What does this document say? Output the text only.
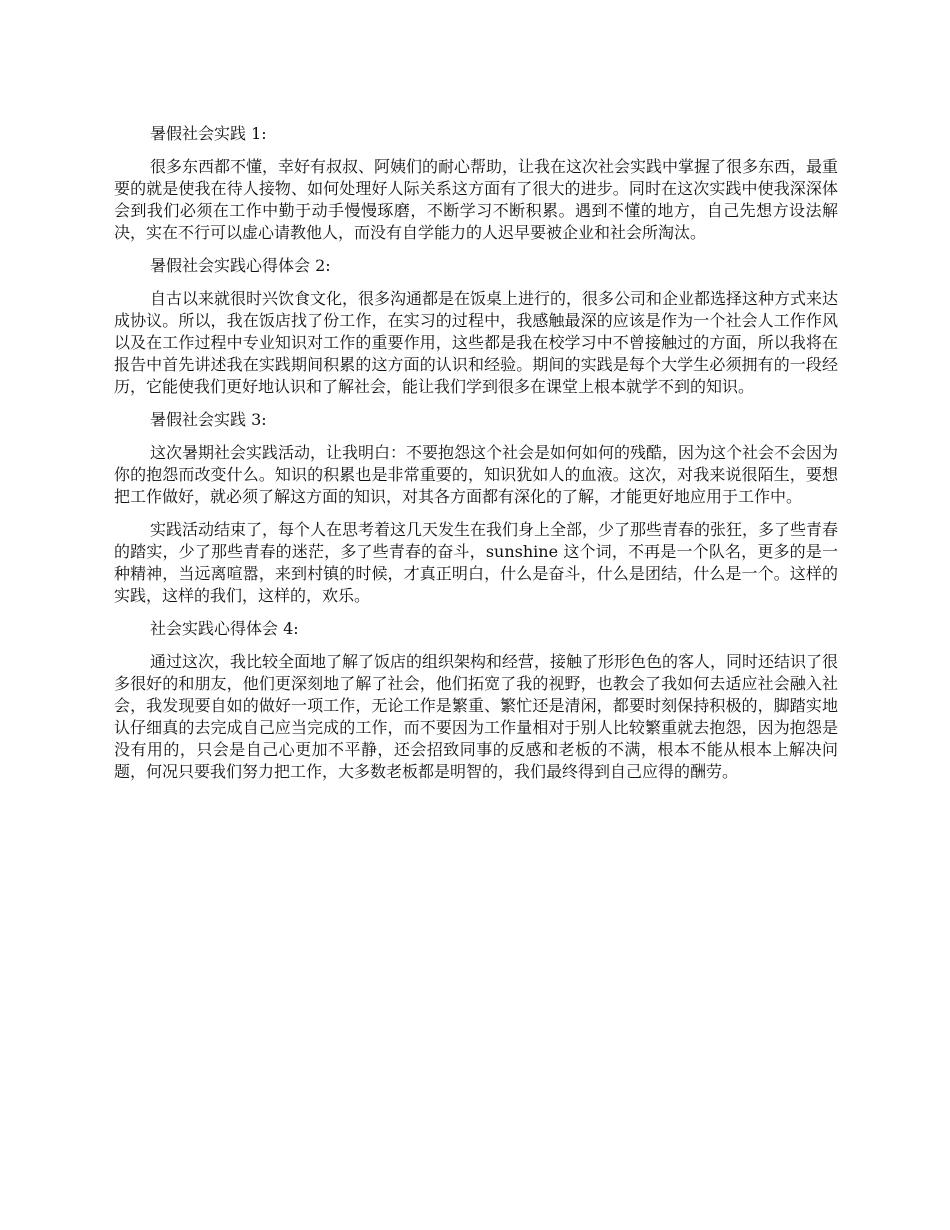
暑假社会实践 1:

很多东西都不懂，幸好有叔叔、阿姨们的耐心帮助，让我在这次社会实践中掌握了很多东西，最重要的就是使我在待人接物、如何处理好人际关系这方面有了很大的进步。同时在这次实践中使我深深体会到我们必须在工作中勤于动手慢慢琢磨，不断学习不断积累。遇到不懂的地方，自己先想方设法解决，实在不行可以虚心请教他人，而没有自学能力的人迟早要被企业和社会所淘汰。

暑假社会实践心得体会 2:

自古以来就很时兴饮食文化，很多沟通都是在饭桌上进行的，很多公司和企业都选择这种方式来达成协议。所以，我在饭店找了份工作，在实习的过程中，我感触最深的应该是作为一个社会人工作作风以及在工作过程中专业知识对工作的重要作用，这些都是我在校学习中不曾接触过的方面，所以我将在报告中首先讲述我在实践期间积累的这方面的认识和经验。期间的实践是每个大学生必须拥有的一段经历，它能使我们更好地认识和了解社会，能让我们学到很多在课堂上根本就学不到的知识。

暑假社会实践 3:

这次暑期社会实践活动，让我明白：不要抱怨这个社会是如何如何的残酷，因为这个社会不会因为你的抱怨而改变什么。知识的积累也是非常重要的，知识犹如人的血液。这次，对我来说很陌生，要想把工作做好，就必须了解这方面的知识，对其各方面都有深化的了解，才能更好地应用于工作中。

实践活动结束了，每个人在思考着这几天发生在我们身上全部，少了那些青春的张狂，多了些青春的踏实，少了那些青春的迷茫，多了些青春的奋斗，sunshine 这个词，不再是一个队名，更多的是一种精神，当远离喧嚣，来到村镇的时候，才真正明白，什么是奋斗，什么是团结，什么是一个。这样的实践，这样的我们，这样的，欢乐。

社会实践心得体会 4:

通过这次，我比较全面地了解了饭店的组织架构和经营，接触了形形色色的客人，同时还结识了很多很好的和朋友，他们更深刻地了解了社会，他们拓宽了我的视野，也教会了我如何去适应社会融入社会，我发现要自如的做好一项工作，无论工作是繁重、繁忙还是清闲，都要时刻保持积极的，脚踏实地认仔细真的去完成自己应当完成的工作，而不要因为工作量相对于别人比较繁重就去抱怨，因为抱怨是没有用的，只会是自己心更加不平静，还会招致同事的反感和老板的不满，根本不能从根本上解决问题，何况只要我们努力把工作，大多数老板都是明智的，我们最终得到自己应得的酬劳。
